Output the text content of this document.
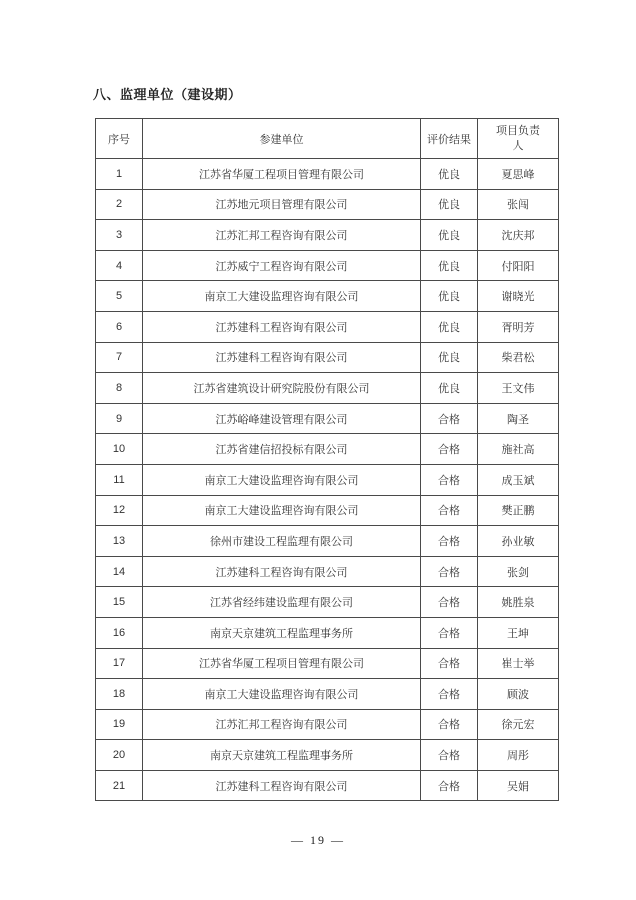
八、监理单位（建设期）
序号	参建单位	评价结果	项目负责人
1	江苏省华厦工程项目管理有限公司	优良	夏思峰
2	江苏地元项目管理有限公司	优良	张闯
3	江苏汇邦工程咨询有限公司	优良	沈庆邦
4	江苏威宁工程咨询有限公司	优良	付阳阳
5	南京工大建设监理咨询有限公司	优良	谢晓光
6	江苏建科工程咨询有限公司	优良	胥明芳
7	江苏建科工程咨询有限公司	优良	柴君松
8	江苏省建筑设计研究院股份有限公司	优良	王文伟
9	江苏峪峰建设管理有限公司	合格	陶圣
10	江苏省建信招投标有限公司	合格	施社高
11	南京工大建设监理咨询有限公司	合格	成玉斌
12	南京工大建设监理咨询有限公司	合格	樊正鹏
13	徐州市建设工程监理有限公司	合格	孙业敏
14	江苏建科工程咨询有限公司	合格	张剑
15	江苏省经纬建设监理有限公司	合格	姚胜泉
16	南京天京建筑工程监理事务所	合格	王坤
17	江苏省华厦工程项目管理有限公司	合格	崔士举
18	南京工大建设监理咨询有限公司	合格	顾波
19	江苏汇邦工程咨询有限公司	合格	徐元宏
20	南京天京建筑工程监理事务所	合格	周彤
21	江苏建科工程咨询有限公司	合格	吴娟
— 19 —
